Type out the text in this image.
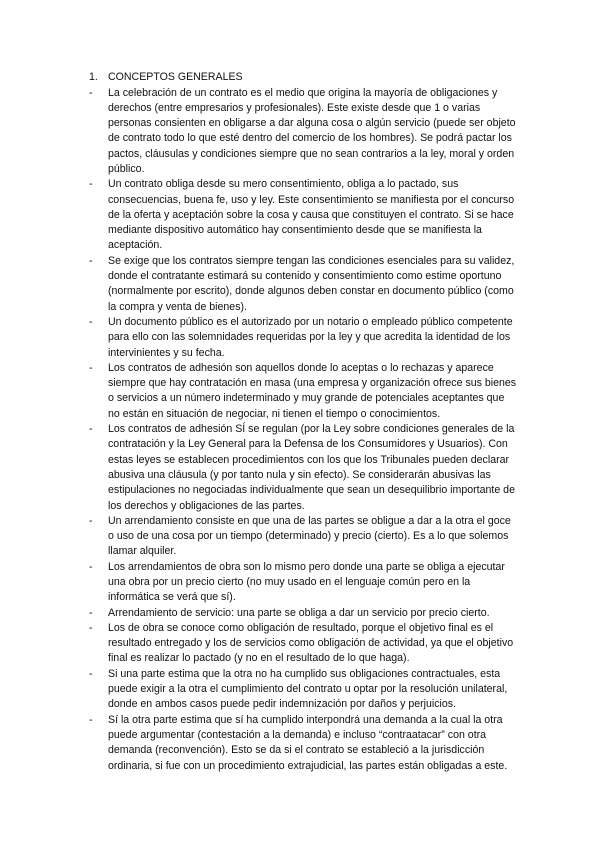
1. CONCEPTOS GENERALES
- La celebración de un contrato es el medio que origina la mayoría de obligaciones y derechos (entre empresarios y profesionales). Este existe desde que 1 o varias personas consienten en obligarse a dar alguna cosa o algún servicio (puede ser objeto de contrato todo lo que esté dentro del comercio de los hombres). Se podrá pactar los pactos, cláusulas y condiciones siempre que no sean contrarios a la ley, moral y orden público.
- Un contrato obliga desde su mero consentimiento, obliga a lo pactado, sus consecuencias, buena fe, uso y ley. Este consentimiento se manifiesta por el concurso de la oferta y aceptación sobre la cosa y causa que constituyen el contrato. Si se hace mediante dispositivo automático hay consentimiento desde que se manifiesta la aceptación.
- Se exige que los contratos siempre tengan las condiciones esenciales para su validez, donde el contratante estimará su contenido y consentimiento como estime oportuno (normalmente por escrito), donde algunos deben constar en documento público (como la compra y venta de bienes).
- Un documento público es el autorizado por un notario o empleado público competente para ello con las solemnidades requeridas por la ley y que acredita la identidad de los intervinientes y su fecha.
- Los contratos de adhesión son aquellos donde lo aceptas o lo rechazas y aparece siempre que hay contratación en masa (una empresa y organización ofrece sus bienes o servicios a un número indeterminado y muy grande de potenciales aceptantes que no están en situación de negociar, ni tienen el tiempo o conocimientos.
- Los contratos de adhesión SÍ se regulan (por la Ley sobre condiciones generales de la contratación y la Ley General para la Defensa de los Consumidores y Usuarios). Con estas leyes se establecen procedimientos con los que los Tribunales pueden declarar abusiva una cláusula (y por tanto nula y sin efecto). Se considerarán abusivas las estipulaciones no negociadas individualmente que sean un desequilibrio importante de los derechos y obligaciones de las partes.
- Un arrendamiento consiste en que una de las partes se obligue a dar a la otra el goce o uso de una cosa por un tiempo (determinado) y precio (cierto). Es a lo que solemos llamar alquiler.
- Los arrendamientos de obra son lo mismo pero donde una parte se obliga a ejecutar una obra por un precio cierto (no muy usado en el lenguaje común pero en la informática se verá que sí).
- Arrendamiento de servicio: una parte se obliga a dar un servicio por precio cierto.
- Los de obra se conoce como obligación de resultado, porque el objetivo final es el resultado entregado y los de servicios como obligación de actividad, ya que el objetivo final es realizar lo pactado (y no en el resultado de lo que haga).
- Si una parte estima que la otra no ha cumplido sus obligaciones contractuales, esta puede exigir a la otra el cumplimiento del contrato u optar por la resolución unilateral, donde en ambos casos puede pedir indemnización por daños y perjuicios.
- Sí la otra parte estima que sí ha cumplido interpondrá una demanda a la cual la otra puede argumentar (contestación a la demanda) e incluso “contraatacar” con otra demanda (reconvención). Esto se da si el contrato se estableció a la jurisdicción ordinaria, si fue con un procedimiento extrajudicial, las partes están obligadas a este.
